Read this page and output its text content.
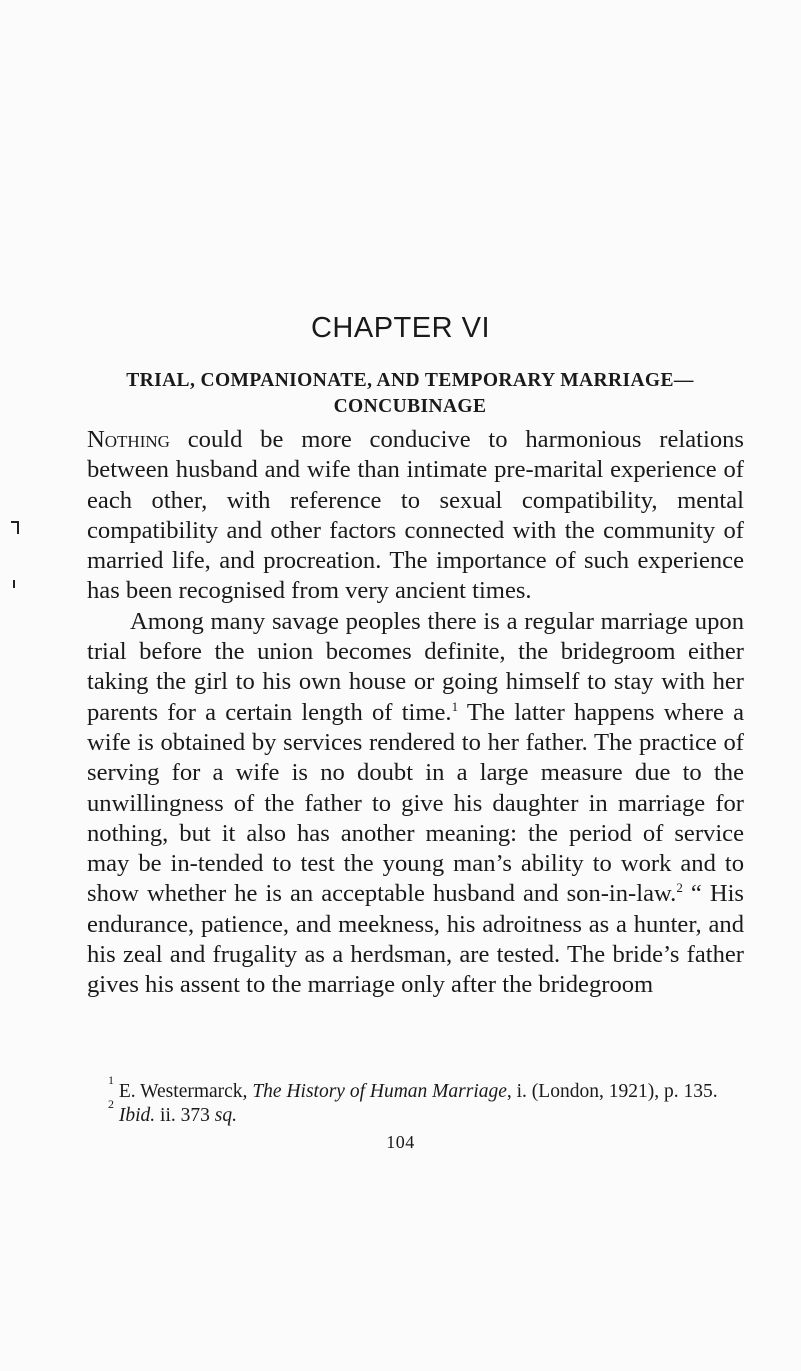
CHAPTER VI
TRIAL, COMPANIONATE, AND TEMPORARY MARRIAGE— CONCUBINAGE

Nothing could be more conducive to harmonious relations between husband and wife than intimate pre-marital experience of each other, with reference to sexual compatibility, mental compatibility and other factors connected with the community of married life, and procreation. The importance of such experience has been recognised from very ancient times.

Among many savage peoples there is a regular marriage upon trial before the union becomes definite, the bridegroom either taking the girl to his own house or going himself to stay with her parents for a certain length of time.$^1$ The latter happens where a wife is obtained by services rendered to her father. The practice of serving for a wife is no doubt in a large measure due to the unwillingness of the father to give his daughter in marriage for nothing, but it also has another meaning: the period of service may be in-tended to test the young man’s ability to work and to show whether he is an acceptable husband and son-in-law.$^2$ “ His endurance, patience, and meekness, his adroitness as a hunter, and his zeal and frugality as a herdsman, are tested. The bride’s father gives his assent to the marriage only after the bridegroom

$^1$ E. Westermarck, The History of Human Marriage, i. (London, 1921), p. 135.

$^2$ Ibid. ii. 373 sq.

104
